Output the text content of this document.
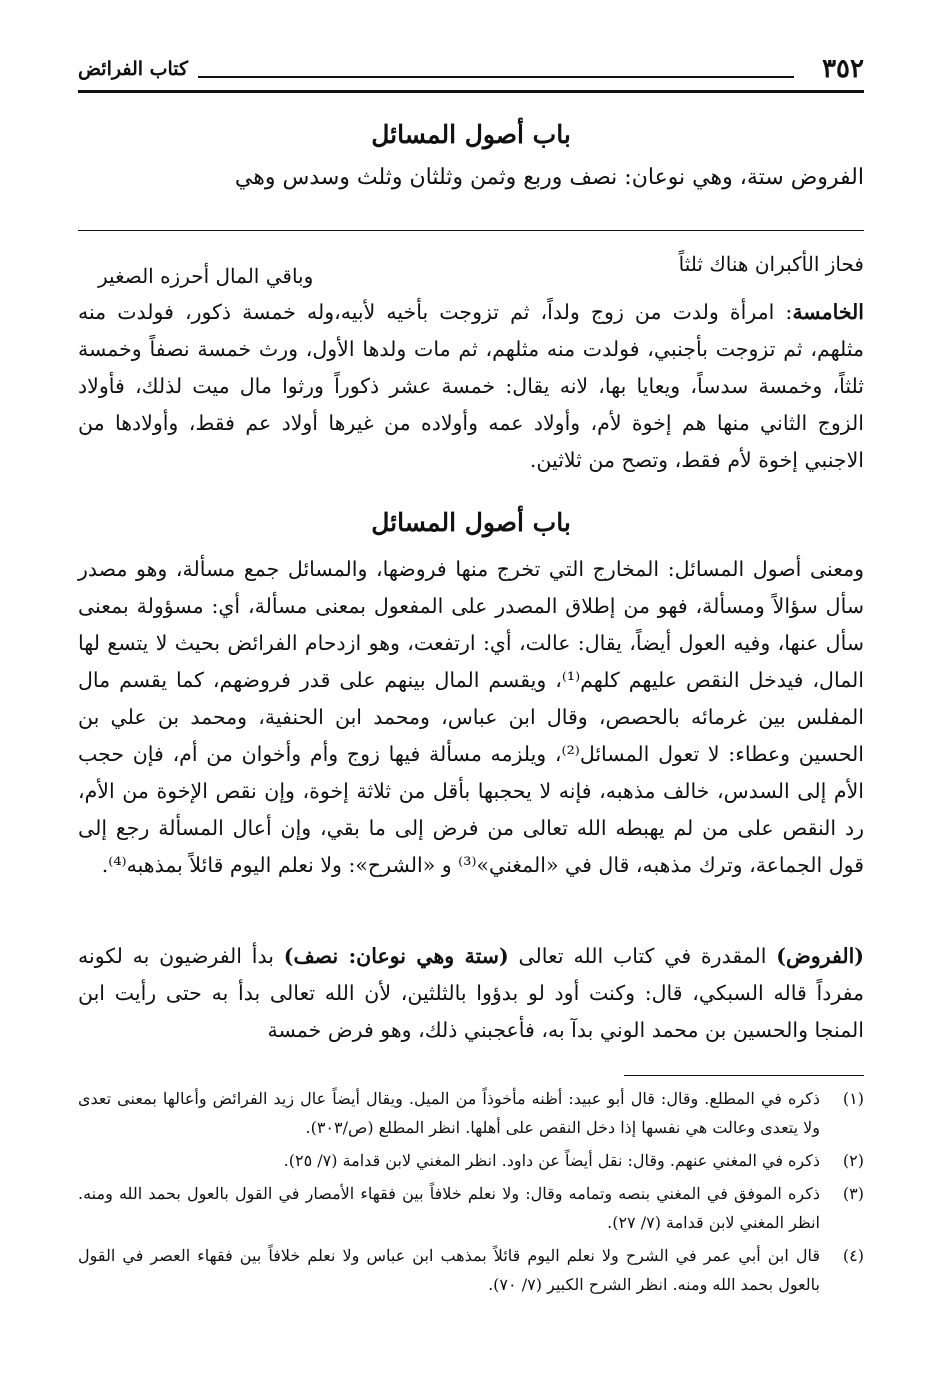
٣٥٢
كتاب الفرائض
باب أصول المسائل
الفروض ستة، وهي نوعان: نصف وربع وثمن وثلثان وثلث وسدس وهي
فحاز الأكبران هناك ثلثاً
وباقي المال أحرزه الصغير
الخامسة: امرأة ولدت من زوج ولداً، ثم تزوجت بأخيه لأبيه،وله خمسة ذكور، فولدت منه مثلهم، ثم تزوجت بأجنبي، فولدت منه مثلهم، ثم مات ولدها الأول، ورث خمسة نصفاً وخمسة ثلثاً، وخمسة سدساً، ويعايا بها، لانه يقال: خمسة عشر ذكوراً ورثوا مال ميت لذلك، فأولاد الزوج الثاني منها هم إخوة لأم، وأولاد عمه وأولاده من غيرها أولاد عم فقط، وأولادها من الاجنبي إخوة لأم فقط، وتصح من ثلاثين.
باب أصول المسائل
ومعنى أصول المسائل: المخارج التي تخرج منها فروضها، والمسائل جمع مسألة، وهو مصدر سأل سؤالاً ومسألة، فهو من إطلاق المصدر على المفعول بمعنى مسألة، أي: مسؤولة بمعنى سأل عنها، وفيه العول أيضاً، يقال: عالت، أي: ارتفعت، وهو ازدحام الفرائض بحيث لا يتسع لها المال، فيدخل النقص عليهم كلهم⁽¹⁾، ويقسم المال بينهم على قدر فروضهم، كما يقسم مال المفلس بين غرمائه بالحصص، وقال ابن عباس، ومحمد ابن الحنفية، ومحمد بن علي بن الحسين وعطاء: لا تعول المسائل⁽²⁾، ويلزمه مسألة فيها زوج وأم وأخوان من أم، فإن حجب الأم إلى السدس، خالف مذهبه، فإنه لا يحجبها بأقل من ثلاثة إخوة، وإن نقص الإخوة من الأم، رد النقص على من لم يهبطه الله تعالى من فرض إلى ما بقي، وإن أعال المسألة رجع إلى قول الجماعة، وترك مذهبه، قال في «المغني»⁽³⁾ و «الشرح»: ولا نعلم اليوم قائلاً بمذهبه⁽⁴⁾.
(الفروض) المقدرة في كتاب الله تعالى (ستة وهي نوعان: نصف) بدأ الفرضيون به لكونه مفرداً قاله السبكي، قال: وكنت أود لو بدؤوا بالثلثين، لأن الله تعالى بدأ به حتى رأيت ابن المنجا والحسين بن محمد الوني بدآ به، فأعجبني ذلك، وهو فرض خمسة
(١)
ذكره في المطلع. وقال: قال أبو عبيد: أظنه مأخوذاً من الميل. ويقال أيضاً عال زيد الفرائض وأعالها بمعنى تعدى ولا يتعدى وعالت هي نفسها إذا دخل النقص على أهلها. انظر المطلع (ص/٣٠٣).
(٢)
ذكره في المغني عنهم. وقال: نقل أيضاً عن داود. انظر المغني لابن قدامة (٧/ ٢٥).
(٣)
ذكره الموفق في المغني بنصه وتمامه وقال: ولا نعلم خلافاً بين فقهاء الأمصار في القول بالعول بحمد الله ومنه. انظر المغني لابن قدامة (٧/ ٢٧).
(٤)
قال ابن أبي عمر في الشرح ولا نعلم اليوم قائلاً بمذهب ابن عباس ولا نعلم خلافاً بين فقهاء العصر في القول بالعول بحمد الله ومنه. انظر الشرح الكبير (٧/ ٧٠).
